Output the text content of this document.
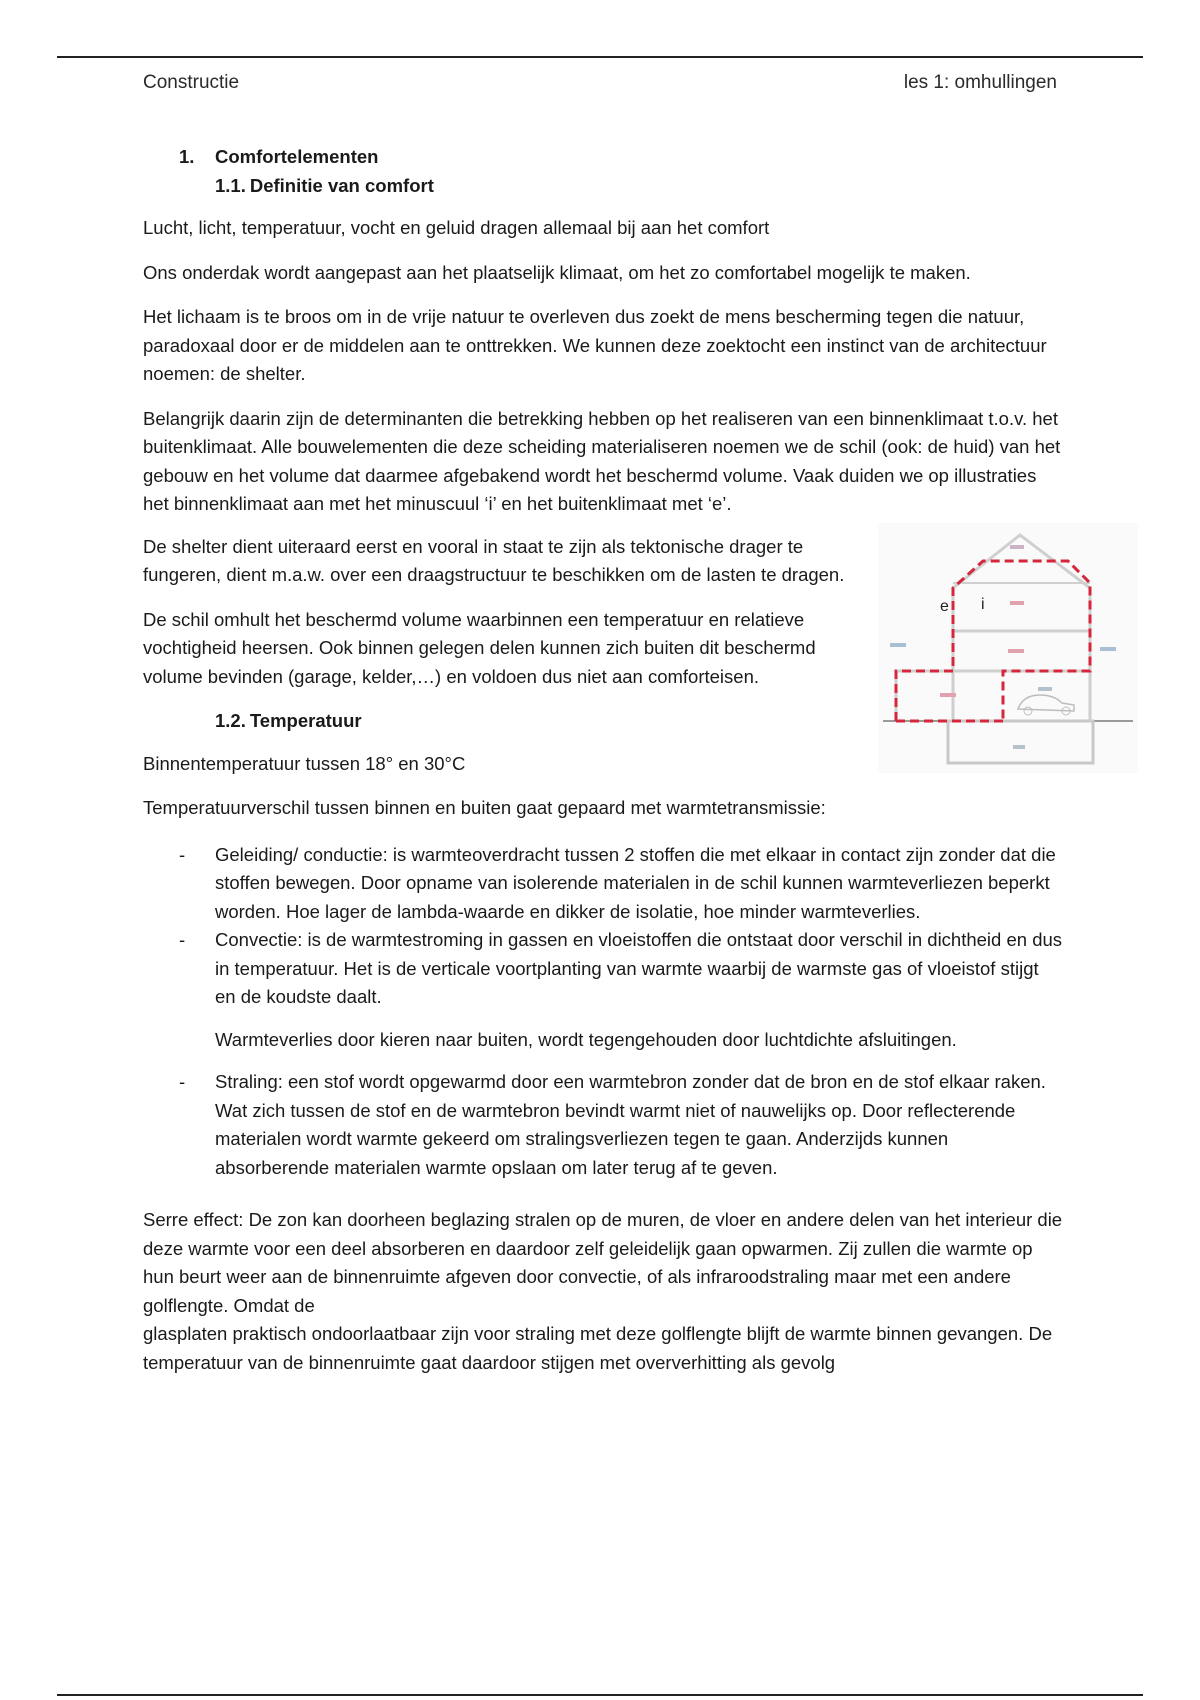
Constructie	les 1: omhullingen
1.	Comfortelementen
1.1. Definitie van comfort

Lucht, licht, temperatuur, vocht en geluid dragen allemaal bij aan het comfort

Ons onderdak wordt aangepast aan het plaatselijk klimaat, om het zo comfortabel mogelijk te maken.

Het lichaam is te broos om in de vrije natuur te overleven dus zoekt de mens bescherming tegen die natuur, paradoxaal door er de middelen aan te onttrekken. We kunnen deze zoektocht een instinct van de architectuur noemen: de shelter.

Belangrijk daarin zijn de determinanten die betrekking hebben op het realiseren van een binnenklimaat t.o.v. het buitenklimaat. Alle bouwelementen die deze scheiding materialiseren noemen we de schil (ook: de huid) van het gebouw en het volume dat daarmee afgebakend wordt het beschermd volume. Vaak duiden we op illustraties het binnenklimaat aan met het minuscuul ‘i’ en het buitenklimaat met ‘e’.

De shelter dient uiteraard eerst en vooral in staat te zijn als tektonische drager te fungeren, dient m.a.w. over een draagstructuur te beschikken om de lasten te dragen.

De schil omhult het beschermd volume waarbinnen een temperatuur en relatieve vochtigheid heersen. Ook binnen gelegen delen kunnen zich buiten dit beschermd volume bevinden (garage, kelder,…) en voldoen dus niet aan comforteisen.

e i
1.2. Temperatuur

Binnentemperatuur tussen 18° en 30°C

Temperatuurverschil tussen binnen en buiten gaat gepaard met warmtetransmissie:

- Geleiding/ conductie: is warmteoverdracht tussen 2 stoffen die met elkaar in contact zijn zonder dat die stoffen bewegen. Door opname van isolerende materialen in de schil kunnen warmteverliezen beperkt worden. Hoe lager de lambda-waarde en dikker de isolatie, hoe minder warmteverlies.
- Convectie: is de warmtestroming in gassen en vloeistoffen die ontstaat door verschil in dichtheid en dus in temperatuur. Het is de verticale voortplanting van warmte waarbij de warmste gas of vloeistof stijgt en de koudste daalt.

Warmteverlies door kieren naar buiten, wordt tegengehouden door luchtdichte afsluitingen.

- Straling: een stof wordt opgewarmd door een warmtebron zonder dat de bron en de stof elkaar raken. Wat zich tussen de stof en de warmtebron bevindt warmt niet of nauwelijks op. Door reflecterende materialen wordt warmte gekeerd om stralingsverliezen tegen te gaan. Anderzijds kunnen absorberende materialen warmte opslaan om later terug af te geven.

Serre effect: De zon kan doorheen beglazing stralen op de muren, de vloer en andere delen van het interieur die deze warmte voor een deel absorberen en daardoor zelf geleidelijk gaan opwarmen. Zij zullen die warmte op hun beurt weer aan de binnenruimte afgeven door convectie, of als infraroodstraling maar met een andere golflengte. Omdat de
glasplaten praktisch ondoorlaatbaar zijn voor straling met deze golflengte blijft de warmte binnen gevangen. De temperatuur van de binnenruimte gaat daardoor stijgen met oververhitting als gevolg
